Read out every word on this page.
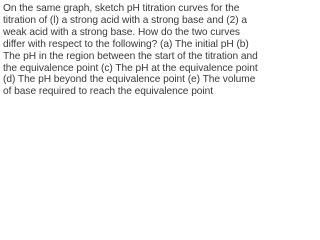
On the same graph, sketch pH titration curves for the titration of (l) a strong acid with a strong base and (2) a weak acid with a strong base. How do the two curves differ with respect to the following? (a) The initial pH (b) The pH in the region between the start of the titration and the equivalence point (c) The pH at the equivalence point (d) The pH beyond the equivalence point (e) The volume of base required to reach the equivalence point
